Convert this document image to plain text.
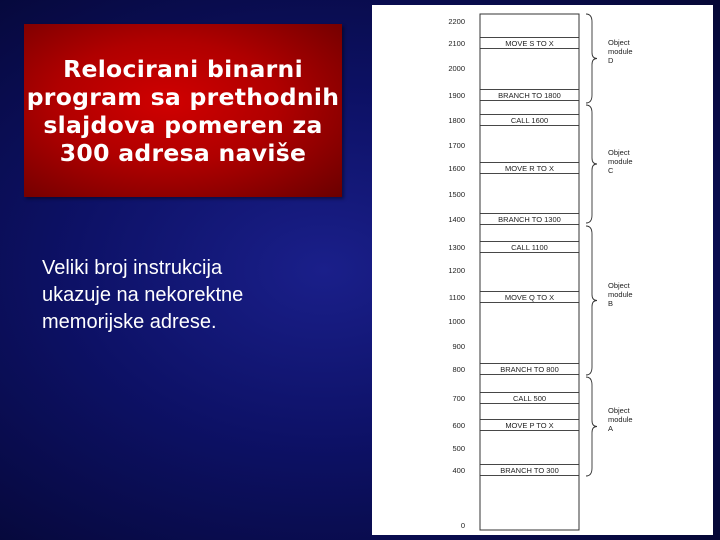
Relocirani binarni
program sa prethodnih
slajdova pomeren za
300 adresa naviše
Veliki broj instrukcija
ukazuje na nekorektne
memorijske adrese.
2200
2100
2000
1900
1800
1700
1600
1500
1400
1300
1200
1100
1000
900
800
700
600
500
400
0
MOVE S TO X
BRANCH TO 1800
CALL 1600
MOVE R TO X
BRANCH TO 1300
CALL 1100
MOVE Q TO X
BRANCH TO 800
CALL 500
MOVE P TO X
BRANCH TO 300
Object module D
Object module C
Object module B
Object module A
